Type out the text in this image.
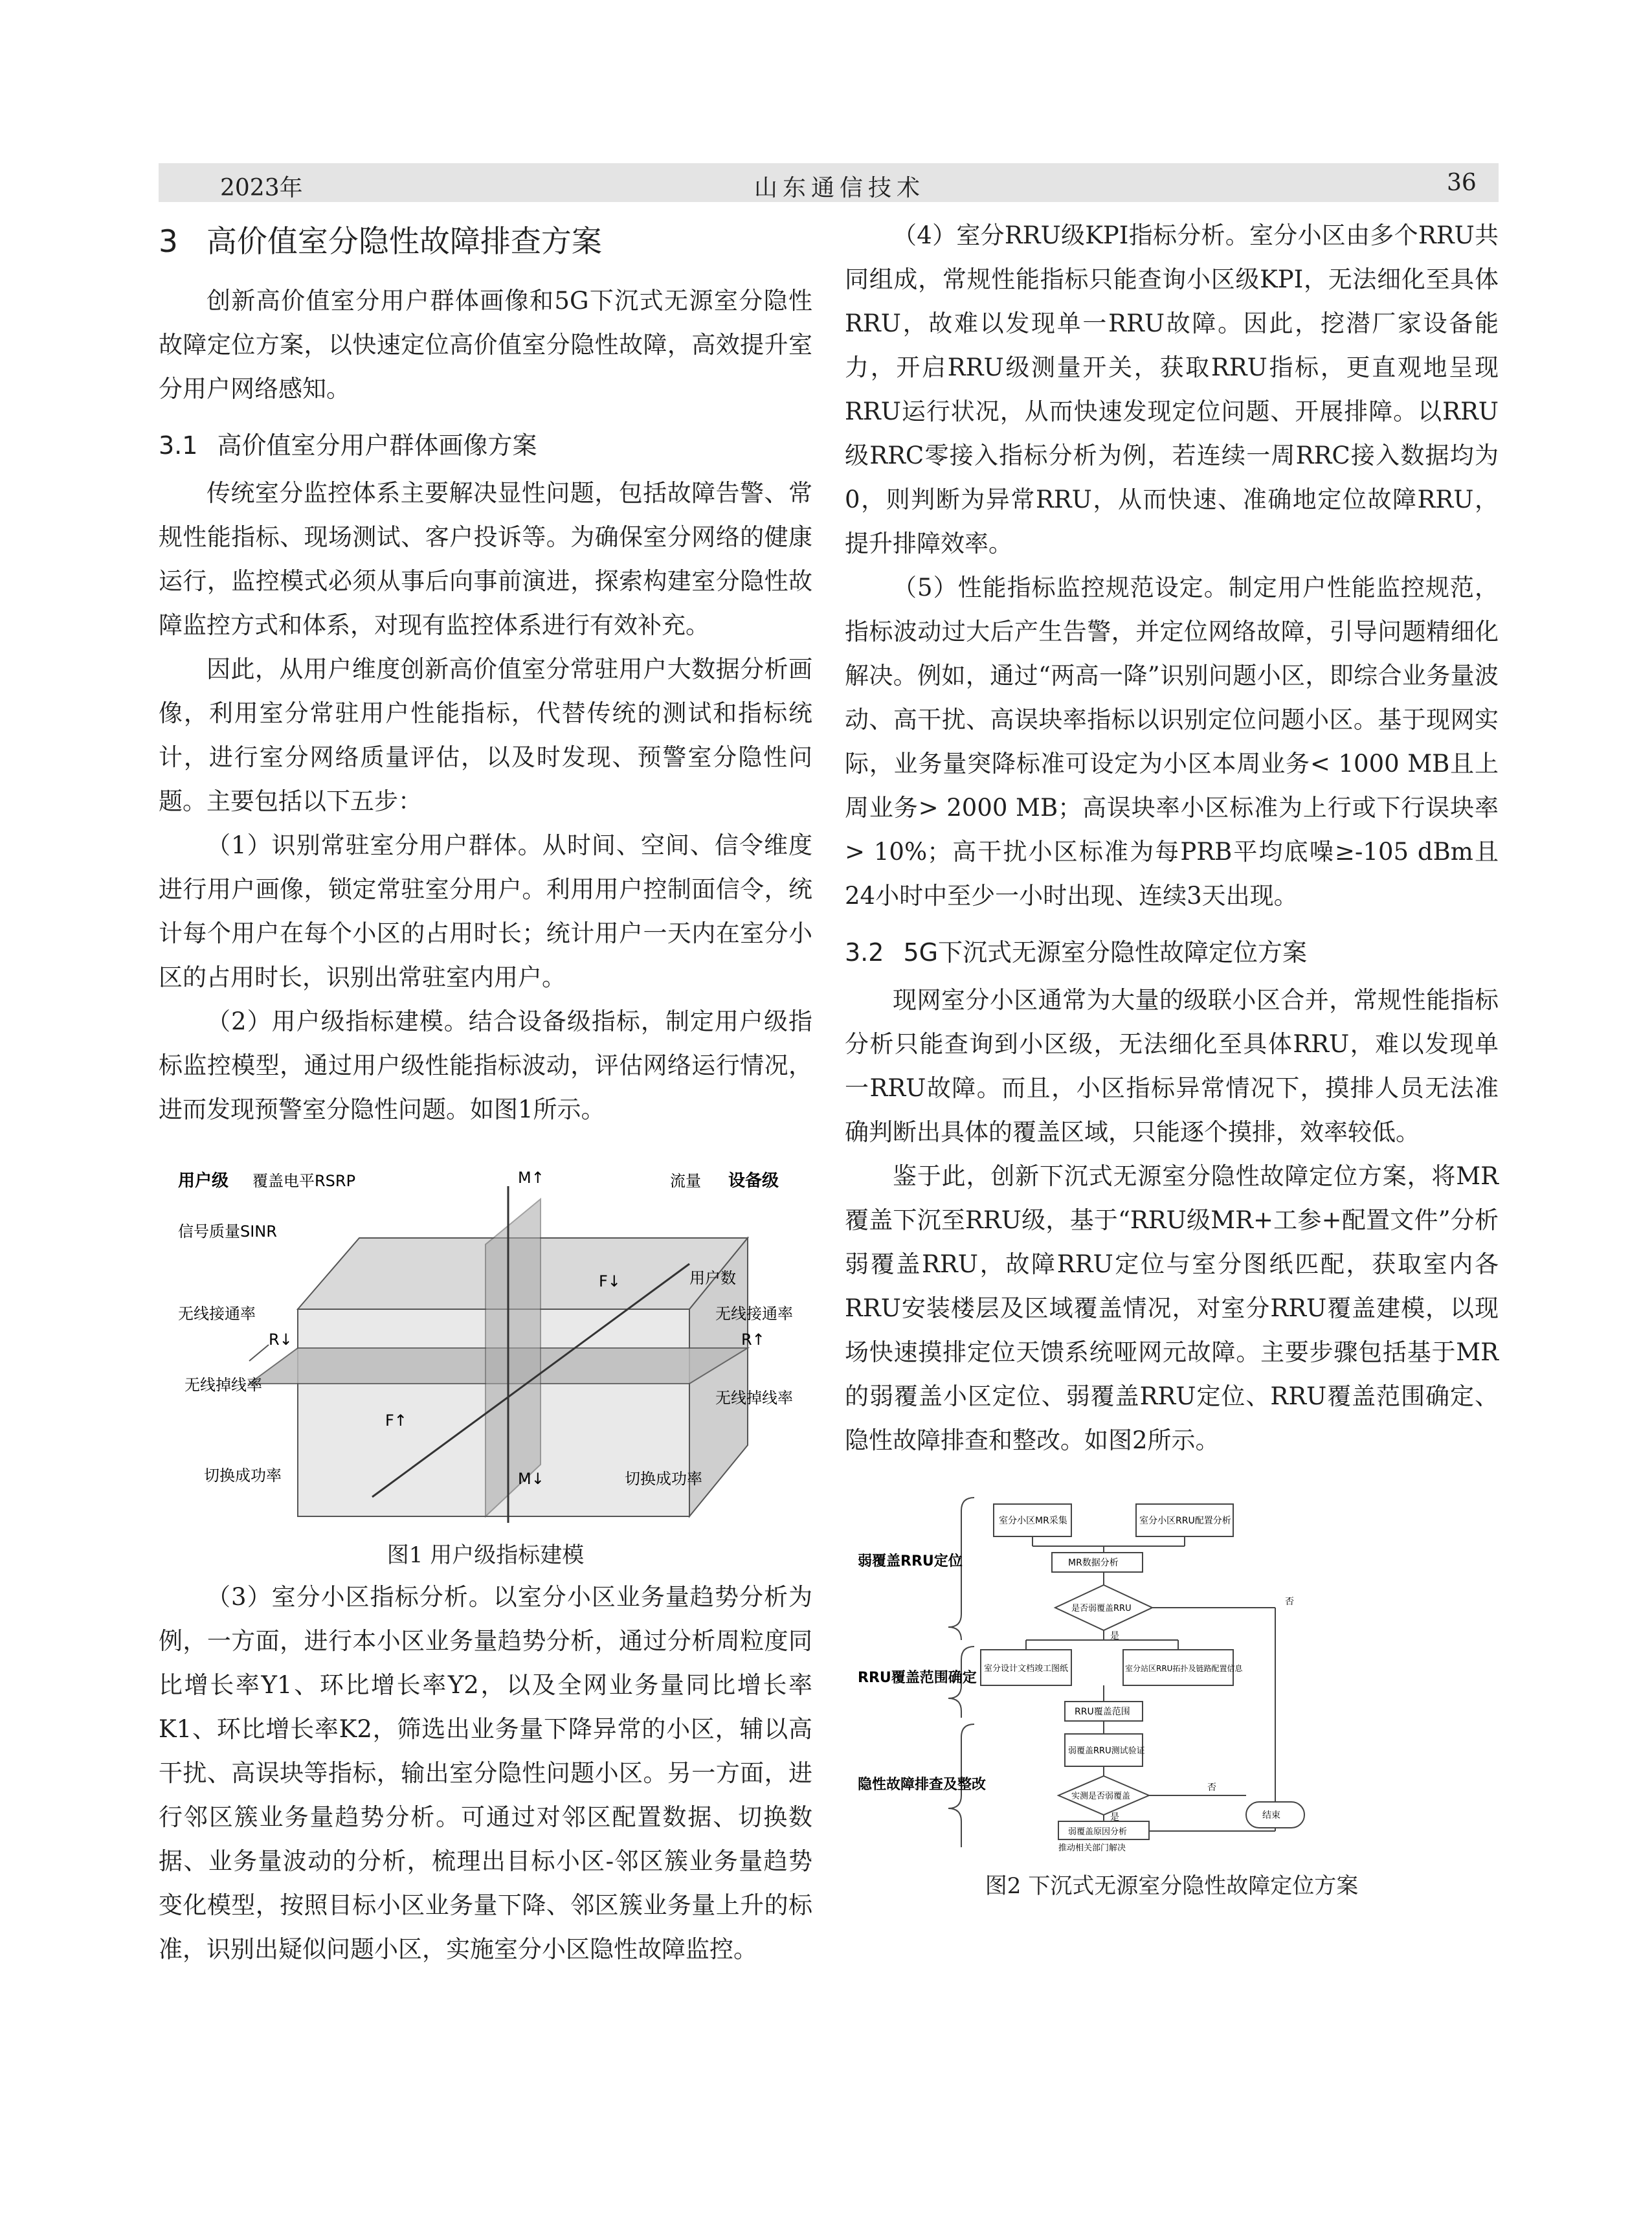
2023年	山东通信技术	36
3 高价值室分隐性故障排查方案

创新高价值室分用户群体画像和5G下沉式无源室分隐性故障定位方案，以快速定位高价值室分隐性故障，高效提升室分用户网络感知。

3.1 高价值室分用户群体画像方案

传统室分监控体系主要解决显性问题，包括故障告警、常规性能指标、现场测试、客户投诉等。为确保室分网络的健康运行，监控模式必须从事后向事前演进，探索构建室分隐性故障监控方式和体系，对现有监控体系进行有效补充。

因此，从用户维度创新高价值室分常驻用户大数据分析画像，利用室分常驻用户性能指标，代替传统的测试和指标统计，进行室分网络质量评估，以及时发现、预警室分隐性问题。主要包括以下五步：

（1）识别常驻室分用户群体。从时间、空间、信令维度进行用户画像，锁定常驻室分用户。利用用户控制面信令，统计每个用户在每个小区的占用时长；统计用户一天内在室分小区的占用时长，识别出常驻室内用户。

（2）用户级指标建模。结合设备级指标，制定用户级指标监控模型，通过用户级性能指标波动，评估网络运行情况，进而发现预警室分隐性问题。如图1所示。

用户级 覆盖电平RSRP	设备级
流量
信号质量SINR
用户数
无线接通率	无线接通率
R↓	R↑
无线掉线率
无线掉线率
切换成功率	切换成功率
M↑
M↓
F↓
F↑
图1 用户级指标建模

（3）室分小区指标分析。以室分小区业务量趋势分析为例，一方面，进行本小区业务量趋势分析，通过分析周粒度同比增长率Y1、环比增长率Y2，以及全网业务量同比增长率K1、环比增长率K2，筛选出业务量下降异常的小区，辅以高干扰、高误块等指标，输出室分隐性问题小区。另一方面，进行邻区簇业务量趋势分析。可通过对邻区配置数据、切换数据、业务量波动的分析，梳理出目标小区-邻区簇业务量趋势变化模型，按照目标小区业务量下降、邻区簇业务量上升的标准，识别出疑似问题小区，实施室分小区隐性故障监控。

（4）室分RRU级KPI指标分析。室分小区由多个RRU共同组成，常规性能指标只能查询小区级KPI，无法细化至具体RRU，故难以发现单一RRU故障。因此，挖潜厂家设备能力，开启RRU级测量开关，获取RRU指标，更直观地呈现RRU运行状况，从而快速发现定位问题、开展排障。以RRU级RRC零接入指标分析为例，若连续一周RRC接入数据均为0，则判断为异常RRU，从而快速、准确地定位故障RRU，提升排障效率。

（5）性能指标监控规范设定。制定用户性能监控规范，指标波动过大后产生告警，并定位网络故障，引导问题精细化解决。例如，通过“两高一降”识别问题小区，即综合业务量波动、高干扰、高误块率指标以识别定位问题小区。基于现网实际，业务量突降标准可设定为小区本周业务< 1000 MB且上周业务> 2000 MB；高误块率小区标准为上行或下行误块率> 10%；高干扰小区标准为每PRB平均底噪≥-105 dBm且24小时中至少一小时出现、连续3天出现。

3.2 5G下沉式无源室分隐性故障定位方案

现网室分小区通常为大量的级联小区合并，常规性能指标分析只能查询到小区级，无法细化至具体RRU，难以发现单一RRU故障。而且，小区指标异常情况下，摸排人员无法准确判断出具体的覆盖区域，只能逐个摸排，效率较低。

鉴于此，创新下沉式无源室分隐性故障定位方案，将MR覆盖下沉至RRU级，基于“RRU级MR+工参+配置文件”分析弱覆盖RRU，故障RRU定位与室分图纸匹配，获取室内各RRU安装楼层及区域覆盖情况，对室分RRU覆盖建模，以现场快速摸排定位天馈系统哑网元故障。主要步骤包括基于MR的弱覆盖小区定位、弱覆盖RRU定位、RRU覆盖范围确定、隐性故障排查和整改。如图2所示。

弱覆盖RRU定位
RRU覆盖范围确定
隐性故障排查及整改
室分小区MR采集	室分小区RRU配置分析
MR数据分析
是否弱覆盖RRU
室分设计文档竣工图纸	室分站区RRU拓扑及链路配置信息
RRU覆盖范围
弱覆盖RRU测试验证
实测是否弱覆盖
弱覆盖原因分析
结束
是
否
是
否
推动相关部门解决
图2 下沉式无源室分隐性故障定位方案
